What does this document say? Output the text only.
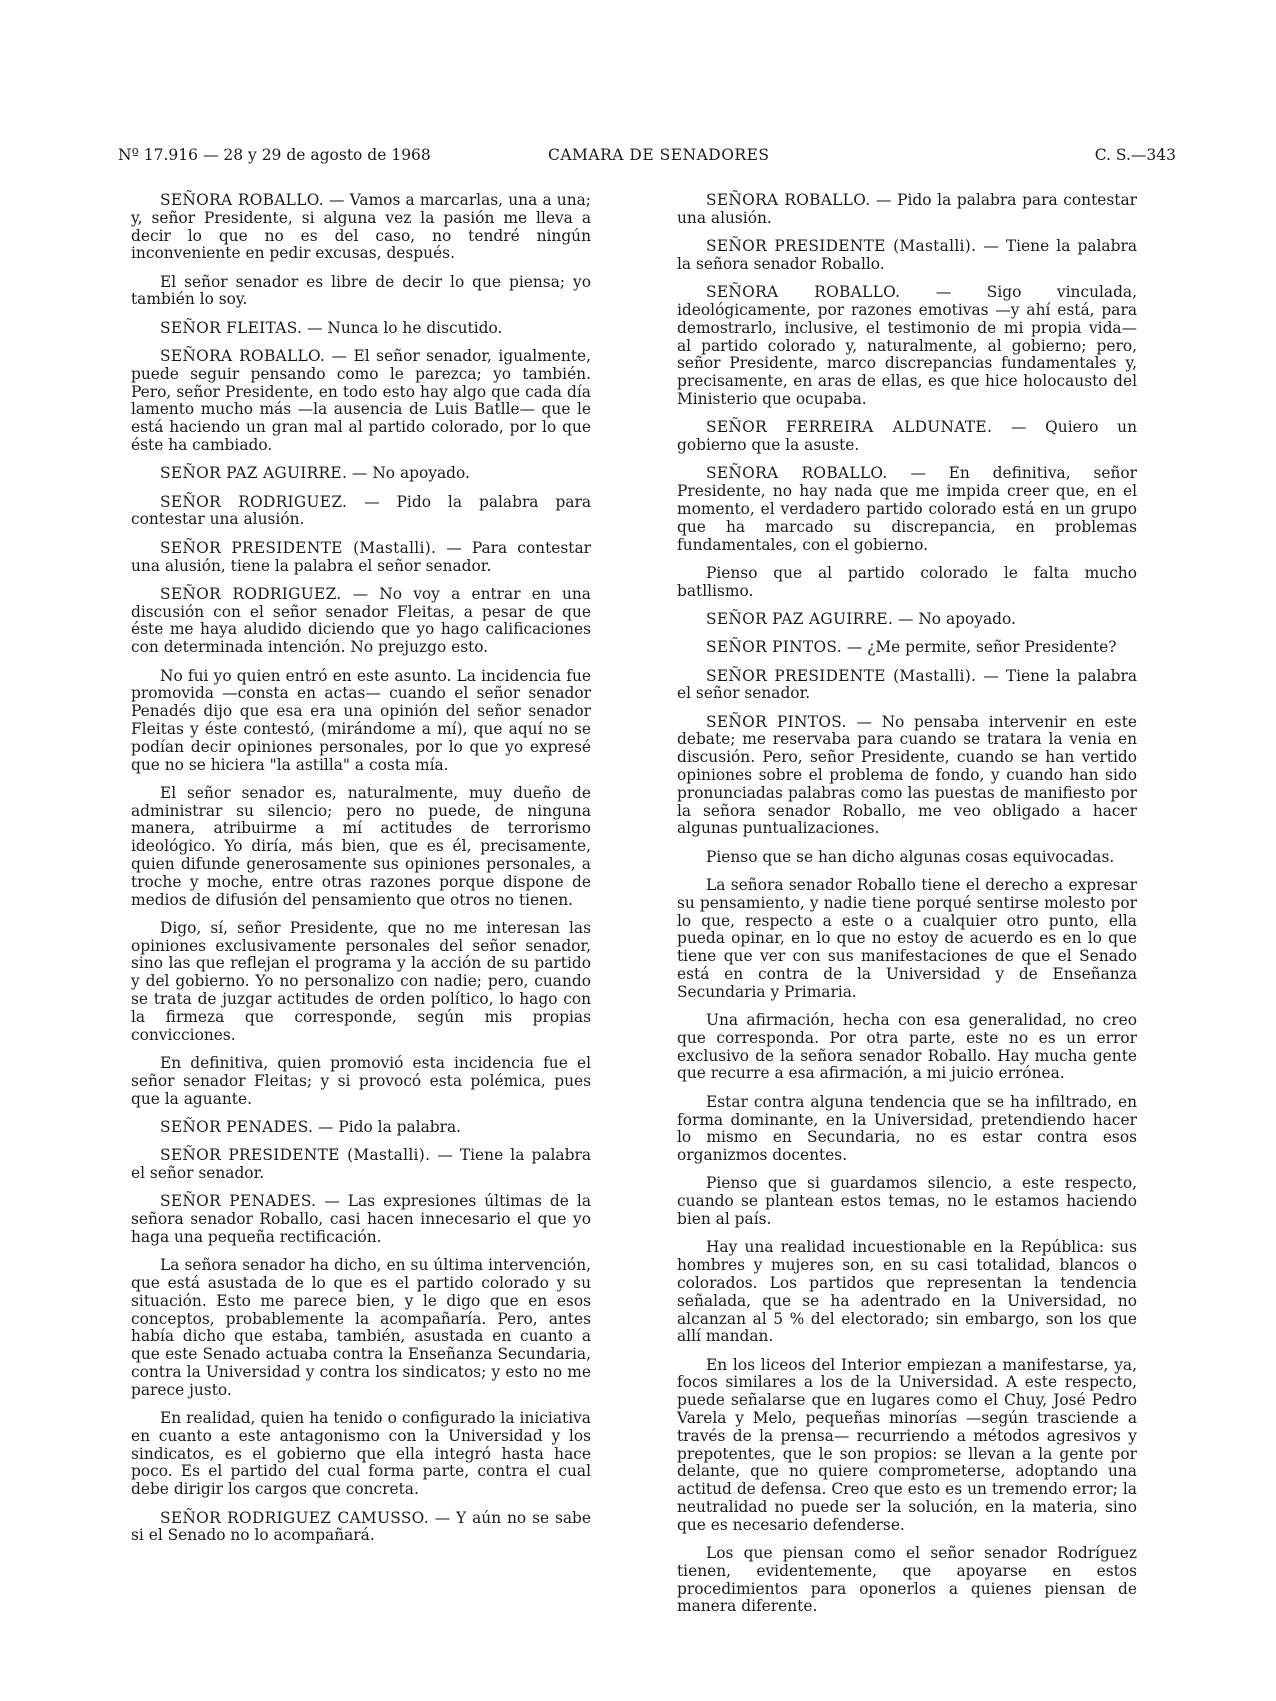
Nº 17.916 — 28 y 29 de agosto de 1968	CAMARA DE SENADORES	C. S.—343

SEÑORA ROBALLO. — Vamos a marcarlas, una a una; y, señor Presidente, si alguna vez la pasión me lleva a decir lo que no es del caso, no tendré ningún inconveniente en pedir excusas, después.

El señor senador es libre de decir lo que piensa; yo también lo soy.

SEÑOR FLEITAS. — Nunca lo he discutido.

SEÑORA ROBALLO. — El señor senador, igualmente, puede seguir pensando como le parezca; yo también. Pero, señor Presidente, en todo esto hay algo que cada día lamento mucho más —la ausencia de Luis Batlle— que le está haciendo un gran mal al partido colorado, por lo que éste ha cambiado.

SEÑOR PAZ AGUIRRE. — No apoyado.

SEÑOR RODRIGUEZ. — Pido la palabra para contestar una alusión.

SEÑOR PRESIDENTE (Mastalli). — Para contestar una alusión, tiene la palabra el señor senador.

SEÑOR RODRIGUEZ. — No voy a entrar en una discusión con el señor senador Fleitas, a pesar de que éste me haya aludido diciendo que yo hago calificaciones con determinada intención. No prejuzgo esto.

No fui yo quien entró en este asunto. La incidencia fue promovida —consta en actas— cuando el señor senador Penadés dijo que esa era una opinión del señor senador Fleitas y éste contestó, (mirándome a mí), que aquí no se podían decir opiniones personales, por lo que yo expresé que no se hiciera "la astilla" a costa mía.

El señor senador es, naturalmente, muy dueño de administrar su silencio; pero no puede, de ninguna manera, atribuirme a mí actitudes de terrorismo ideológico. Yo diría, más bien, que es él, precisamente, quien difunde generosamente sus opiniones personales, a troche y moche, entre otras razones porque dispone de medios de difusión del pensamiento que otros no tienen.

Digo, sí, señor Presidente, que no me interesan las opiniones exclusivamente personales del señor senador, sino las que reflejan el programa y la acción de su partido y del gobierno. Yo no personalizo con nadie; pero, cuando se trata de juzgar actitudes de orden político, lo hago con la firmeza que corresponde, según mis propias convicciones.

En definitiva, quien promovió esta incidencia fue el señor senador Fleitas; y si provocó esta polémica, pues que la aguante.

SEÑOR PENADES. — Pido la palabra.

SEÑOR PRESIDENTE (Mastalli). — Tiene la palabra el señor senador.

SEÑOR PENADES. — Las expresiones últimas de la señora senador Roballo, casi hacen innecesario el que yo haga una pequeña rectificación.

La señora senador ha dicho, en su última intervención, que está asustada de lo que es el partido colorado y su situación. Esto me parece bien, y le digo que en esos conceptos, probablemente la acompañaría. Pero, antes había dicho que estaba, también, asustada en cuanto a que este Senado actuaba contra la Enseñanza Secundaria, contra la Universidad y contra los sindicatos; y esto no me parece justo.

En realidad, quien ha tenido o configurado la iniciativa en cuanto a este antagonismo con la Universidad y los sindicatos, es el gobierno que ella integró hasta hace poco. Es el partido del cual forma parte, contra el cual debe dirigir los cargos que concreta.

SEÑOR RODRIGUEZ CAMUSSO. — Y aún no se sabe si el Senado no lo acompañará.

SEÑORA ROBALLO. — Pido la palabra para contestar una alusión.

SEÑOR PRESIDENTE (Mastalli). — Tiene la palabra la señora senador Roballo.

SEÑORA ROBALLO. — Sigo vinculada, ideológicamente, por razones emotivas —y ahí está, para demostrarlo, inclusive, el testimonio de mi propia vida— al partido colorado y, naturalmente, al gobierno; pero, señor Presidente, marco discrepancias fundamentales y, precisamente, en aras de ellas, es que hice holocausto del Ministerio que ocupaba.

SEÑOR FERREIRA ALDUNATE. — Quiero un gobierno que la asuste.

SEÑORA ROBALLO. — En definitiva, señor Presidente, no hay nada que me impida creer que, en el momento, el verdadero partido colorado está en un grupo que ha marcado su discrepancia, en problemas fundamentales, con el gobierno.

Pienso que al partido colorado le falta mucho batllismo.

SEÑOR PAZ AGUIRRE. — No apoyado.

SEÑOR PINTOS. — ¿Me permite, señor Presidente?

SEÑOR PRESIDENTE (Mastalli). — Tiene la palabra el señor senador.

SEÑOR PINTOS. — No pensaba intervenir en este debate; me reservaba para cuando se tratara la venia en discusión. Pero, señor Presidente, cuando se han vertido opiniones sobre el problema de fondo, y cuando han sido pronunciadas palabras como las puestas de manifiesto por la señora senador Roballo, me veo obligado a hacer algunas puntualizaciones.

Pienso que se han dicho algunas cosas equivocadas.

La señora senador Roballo tiene el derecho a expresar su pensamiento, y nadie tiene porqué sentirse molesto por lo que, respecto a este o a cualquier otro punto, ella pueda opinar, en lo que no estoy de acuerdo es en lo que tiene que ver con sus manifestaciones de que el Senado está en contra de la Universidad y de Enseñanza Secundaria y Primaria.

Una afirmación, hecha con esa generalidad, no creo que corresponda. Por otra parte, este no es un error exclusivo de la señora senador Roballo. Hay mucha gente que recurre a esa afirmación, a mi juicio errónea.

Estar contra alguna tendencia que se ha infiltrado, en forma dominante, en la Universidad, pretendiendo hacer lo mismo en Secundaria, no es estar contra esos organizmos docentes.

Pienso que si guardamos silencio, a este respecto, cuando se plantean estos temas, no le estamos haciendo bien al país.

Hay una realidad incuestionable en la República: sus hombres y mujeres son, en su casi totalidad, blancos o colorados. Los partidos que representan la tendencia señalada, que se ha adentrado en la Universidad, no alcanzan al 5 % del electorado; sin embargo, son los que allí mandan.

En los liceos del Interior empiezan a manifestarse, ya, focos similares a los de la Universidad. A este respecto, puede señalarse que en lugares como el Chuy, José Pedro Varela y Melo, pequeñas minorías —según trasciende a través de la prensa— recurriendo a métodos agresivos y prepotentes, que le son propios: se llevan a la gente por delante, que no quiere comprometerse, adoptando una actitud de defensa. Creo que esto es un tremendo error; la neutralidad no puede ser la solución, en la materia, sino que es necesario defenderse.

Los que piensan como el señor senador Rodríguez tienen, evidentemente, que apoyarse en estos procedimientos para oponerlos a quienes piensan de manera diferente.
